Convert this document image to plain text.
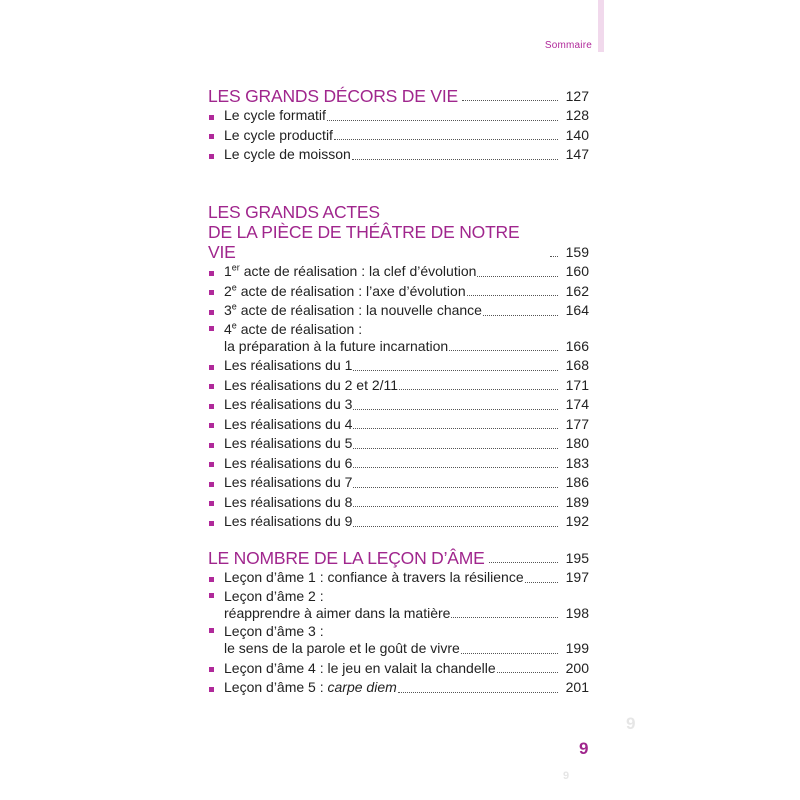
Sommaire
LES GRANDS DÉCORS DE VIE	127
Le cycle formatif	128
Le cycle productif	140
Le cycle de moisson	147
LES GRANDS ACTES
DE LA PIÈCE DE THÉÂTRE DE NOTRE VIE	159
1er acte de réalisation : la clef d’évolution	160
2e acte de réalisation : l’axe d’évolution	162
3e acte de réalisation : la nouvelle chance	164
4e acte de réalisation :
la préparation à la future incarnation	166
Les réalisations du 1	168
Les réalisations du 2 et 2/11	171
Les réalisations du 3	174
Les réalisations du 4	177
Les réalisations du 5	180
Les réalisations du 6	183
Les réalisations du 7	186
Les réalisations du 8	189
Les réalisations du 9	192
LE NOMBRE DE LA LEÇON D’ÂME	195
Leçon d’âme 1 : confiance à travers la résilience	197
Leçon d’âme 2 :
réapprendre à aimer dans la matière	198
Leçon d’âme 3 :
le sens de la parole et le goût de vivre	199
Leçon d’âme 4 : le jeu en valait la chandelle	200
Leçon d’âme 5 : carpe diem	201
9
9
9
